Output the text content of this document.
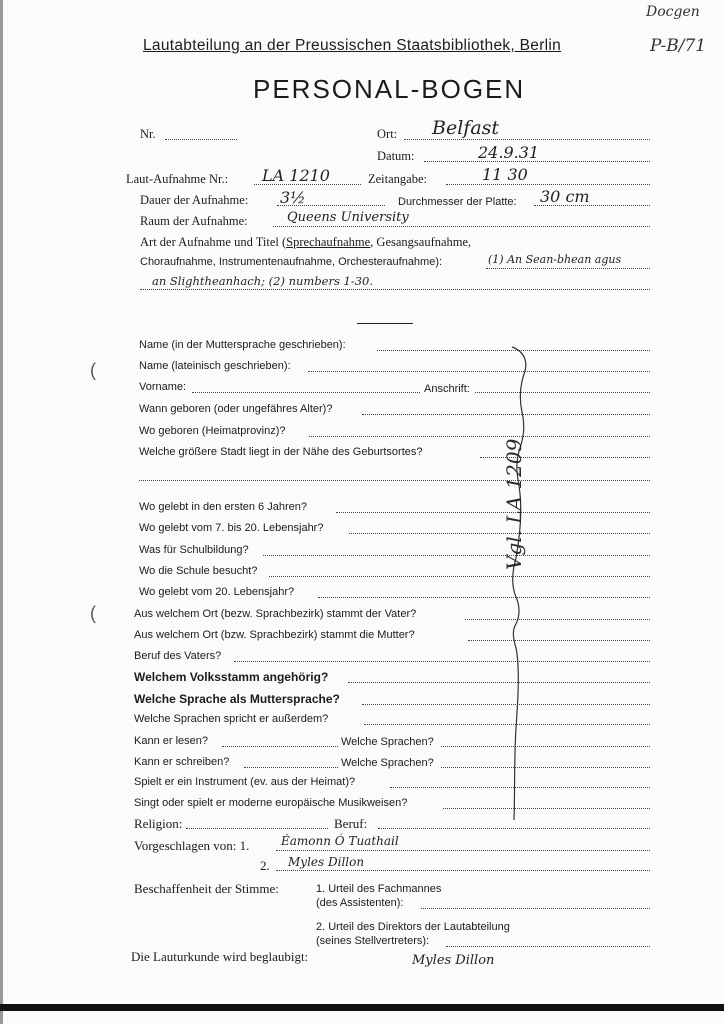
Docgen
P-B/71
Lautabteilung an der Preussischen Staatsbibliothek, Berlin
PERSONAL-BOGEN
Nr.	Ort: Belfast
Datum:	24.9.31
Laut-Aufnahme Nr.: LA 1210	Zeitangabe:	11 30
Dauer der Aufnahme: 3½	Durchmesser der Platte: 30 cm
Raum der Aufnahme:	Queens University
Art der Aufnahme und Titel (Sprechaufnahme, Gesangsaufnahme,
Choraufnahme, Instrumentenaufnahme, Orchesteraufnahme):	(1) An Sean-bhean agus
an Slightheanhach; (2) numbers 1-30.
Name (in der Muttersprache geschrieben):
Name (lateinisch geschrieben):
Vorname:	Anschrift:
Wann geboren (oder ungefähres Alter)?
Wo geboren (Heimatprovinz)?
Welche größere Stadt liegt in der Nähe des Geburtsortes?
Wo gelebt in den ersten 6 Jahren?
Wo gelebt vom 7. bis 20. Lebensjahr?
Was für Schulbildung?
Wo die Schule besucht?
Wo gelebt vom 20. Lebensjahr?
Aus welchem Ort (bezw. Sprachbezirk) stammt der Vater?
Aus welchem Ort (bzw. Sprachbezirk) stammt die Mutter?
Beruf des Vaters?
Welchem Volksstamm angehörig?
Welche Sprache als Muttersprache?
Welche Sprachen spricht er außerdem?
Kann er lesen?	Welche Sprachen?
Kann er schreiben?	Welche Sprachen?
Spielt er ein Instrument (ev. aus der Heimat)?
Singt oder spielt er moderne europäische Musikweisen?
Religion:	Beruf:
Vorgeschlagen von: 1.	Éamonn Ó Tuathail
2. Myles Dillon
Beschaffenheit der Stimme:	1. Urteil des Fachmannes
(des Assistenten):
2. Urteil des Direktors der Lautabteilung
(seines Stellvertreters):
Die Lauturkunde wird beglaubigt:	Myles Dillon
Vgl. LA 1209
(
(
